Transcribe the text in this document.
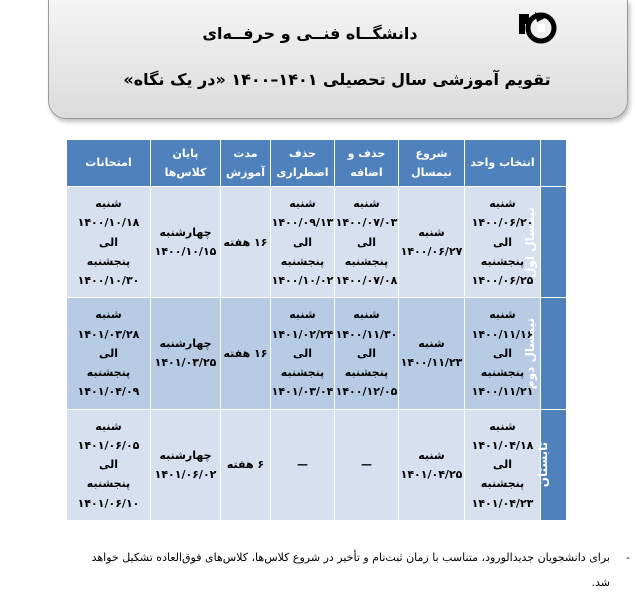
دانشگــاه فنــی و حرفــه‌ای
تقویم آموزشی سال تحصیلی ۱۴۰۱–۱۴۰۰ «در یک نگاه»
	انتخاب واحد	شروع نیمسال	حذف و اضافه	حذف اضطراری	مدت آموزش	پایان کلاس‌ها	امتحانات
نیمسال اول	شنبه
۱۴۰۰/۰۶/۲۰
الی
پنجشنبه
۱۴۰۰/۰۶/۲۵	شنبه
۱۴۰۰/۰۶/۲۷	شنبه
۱۴۰۰/۰۷/۰۳
الی
پنجشنبه
۱۴۰۰/۰۷/۰۸	شنبه
۱۴۰۰/۰۹/۱۳
الی
پنجشنبه
۱۴۰۰/۱۰/۰۲	۱۶ هفته	چهارشنبه
۱۴۰۰/۱۰/۱۵	شنبه
۱۴۰۰/۱۰/۱۸
الی
پنجشنبه
۱۴۰۰/۱۰/۳۰

نیمسال دوم	شنبه
۱۴۰۰/۱۱/۱۶
الی
پنجشنبه
۱۴۰۰/۱۱/۲۱	شنبه
۱۴۰۰/۱۱/۲۳	شنبه
۱۴۰۰/۱۱/۳۰
الی
پنجشنبه
۱۴۰۰/۱۲/۰۵	شنبه
۱۴۰۱/۰۲/۲۴
الی
پنجشنبه
۱۴۰۱/۰۳/۰۴	۱۶ هفته	چهارشنبه
۱۴۰۱/۰۳/۲۵	شنبه
۱۴۰۱/۰۳/۲۸
الی
پنجشنبه
۱۴۰۱/۰۴/۰۹

تابستان	شنبه
۱۴۰۱/۰۴/۱۸
الی
پنجشنبه
۱۴۰۱/۰۴/۲۳	شنبه
۱۴۰۱/۰۴/۲۵	—	—	۶ هفته	چهارشنبه
۱۴۰۱/۰۶/۰۲	شنبه
۱۴۰۱/۰۶/۰۵
الی
پنجشنبه
۱۴۰۱/۰۶/۱۰
-
برای دانشجویان جدیدالورود، متناسب با زمان ثبت‌نام و تأخیر در شروع کلاس‌ها، کلاس‌های فوق‌العاده تشکیل خواهد شد.
